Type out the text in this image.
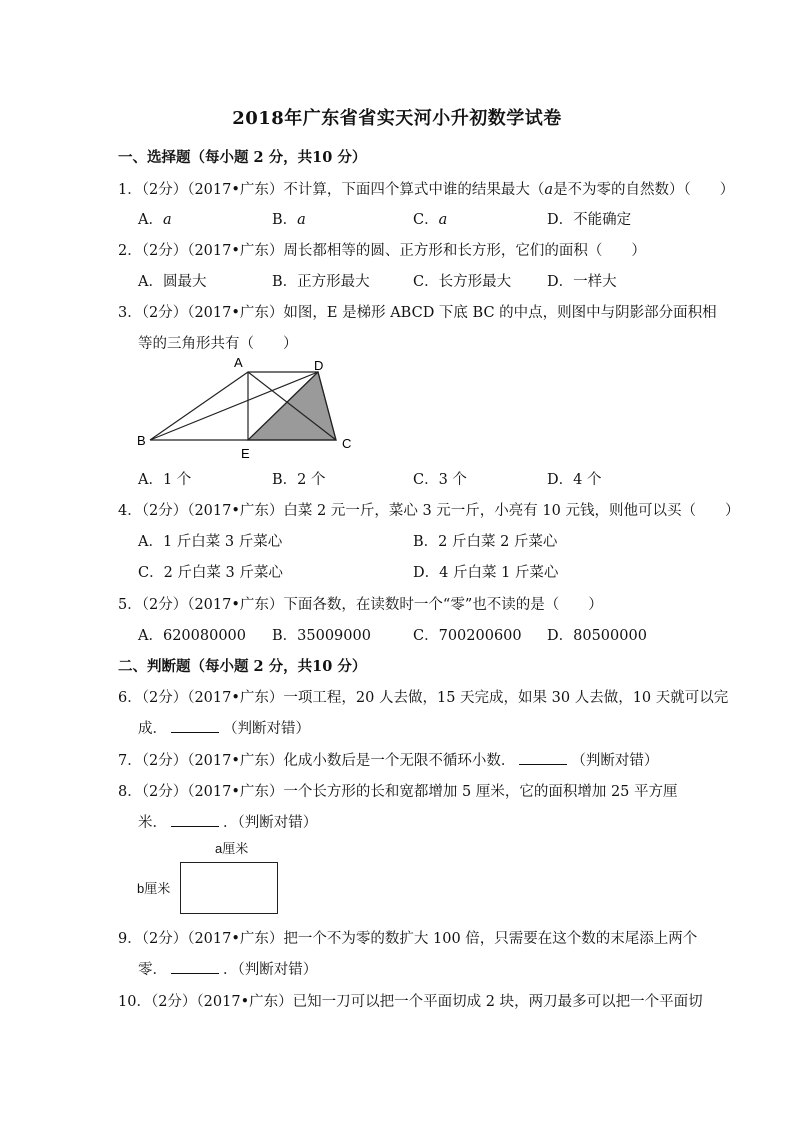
2018年广东省省实天河小升初数学试卷
一、选择题（每小题 2 分，共10 分）
1．（2分）（2017•广东）不计算，下面四个算式中谁的结果最大（a是不为零的自然数）（　　）
A．a	B．a	C．a	D．不能确定
2．（2分）（2017•广东）周长都相等的圆、正方形和长方形，它们的面积（　　）
A．圆最大	B．正方形最大	C．长方形最大 D．一样大
3．（2分）（2017•广东）如图，E 是梯形 ABCD 下底 BC 的中点，则图中与阴影部分面积相
等的三角形共有（　　）
A	D
B
E
C
A．1 个	B．2 个	C．3 个	D．4 个
4．（2分）（2017•广东）白菜 2 元一斤，菜心 3 元一斤，小亮有 10 元钱，则他可以买（　　）
A．1 斤白菜 3 斤菜心	B．2 斤白菜 2 斤菜心
C．2 斤白菜 3 斤菜心	D．4 斤白菜 1 斤菜心
5．（2分）（2017•广东）下面各数，在读数时一个“零”也不读的是（　　）
A．620080000 B．35009000	C．700200600 D．80500000
二、判断题（每小题 2 分，共10 分）
6．（2分）（2017•广东）一项工程，20 人去做，15 天完成，如果 30 人去做，10 天就可以完
成．	（判断对错）
7．（2分）（2017•广东）化成小数后是一个无限不循环小数．	（判断对错）
8．（2分）（2017•广东）一个长方形的长和宽都增加 5 厘米，它的面积增加 25 平方厘
米．	．（判断对错）
a厘米
b厘米
9．（2分）（2017•广东）把一个不为零的数扩大 100 倍，只需要在这个数的末尾添上两个
零．	．（判断对错）
10．（2分）（2017•广东）已知一刀可以把一个平面切成 2 块，两刀最多可以把一个平面切
